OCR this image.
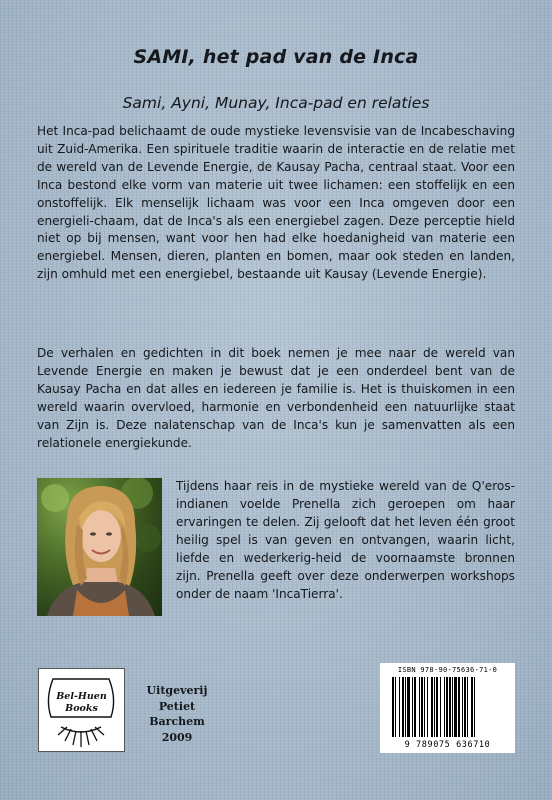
SAMI, het pad van de Inca
Sami, Ayni, Munay, Inca-pad en relaties

Het Inca-pad belichaamt de oude mystieke levensvisie van de Incabeschaving uit Zuid-Amerika. Een spirituele traditie waarin de interactie en de relatie met de wereld van de Levende Energie, de Kausay Pacha, centraal staat. Voor een Inca bestond elke vorm van materie uit twee lichamen: een stoffelijk en een onstoffelijk. Elk menselijk lichaam was voor een Inca omgeven door een energieli-chaam, dat de Inca's als een energiebel zagen. Deze perceptie hield niet op bij mensen, want voor hen had elke hoedanigheid van materie een energiebel. Mensen, dieren, planten en bomen, maar ook steden en landen, zijn omhuld met een energiebel, bestaande uit Kausay (Levende Energie).

De verhalen en gedichten in dit boek nemen je mee naar de wereld van Levende Energie en maken je bewust dat je een onderdeel bent van de Kausay Pacha en dat alles en iedereen je familie is. Het is thuiskomen in een wereld waarin overvloed, harmonie en verbondenheid een natuurlijke staat van Zijn is. Deze nalatenschap van de Inca's kun je samenvatten als een relationele energiekunde.

Tijdens haar reis in de mystieke wereld van de Q'eros-indianen voelde Prenella zich geroepen om haar ervaringen te delen. Zij gelooft dat het leven één groot heilig spel is van geven en ontvangen, waarin licht, liefde en wederkerig-heid de voornaamste bronnen zijn. Prenella geeft over deze onderwerpen workshops onder de naam 'IncaTierra'.

Bel-Huen
Books
Uitgeverij
Petiet
Barchem
2009
ISBN 978-90-75636-71-0
9 789075 636710
